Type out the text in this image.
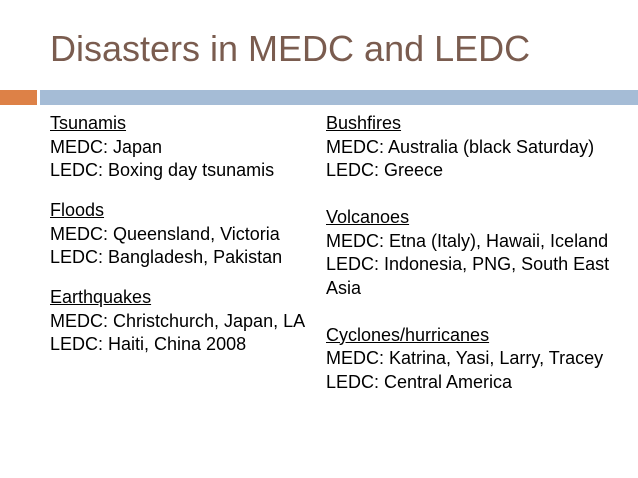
Disasters in MEDC and LEDC
Tsunamis
MEDC: Japan
LEDC: Boxing day tsunamis
Floods
MEDC: Queensland, Victoria
LEDC: Bangladesh, Pakistan
Earthquakes
MEDC: Christchurch, Japan, LA
LEDC: Haiti, China 2008
Bushfires
MEDC: Australia (black Saturday)
LEDC: Greece
Volcanoes
MEDC: Etna (Italy), Hawaii, Iceland
LEDC: Indonesia, PNG, South East Asia
Cyclones/hurricanes
MEDC: Katrina, Yasi, Larry, Tracey
LEDC: Central America
